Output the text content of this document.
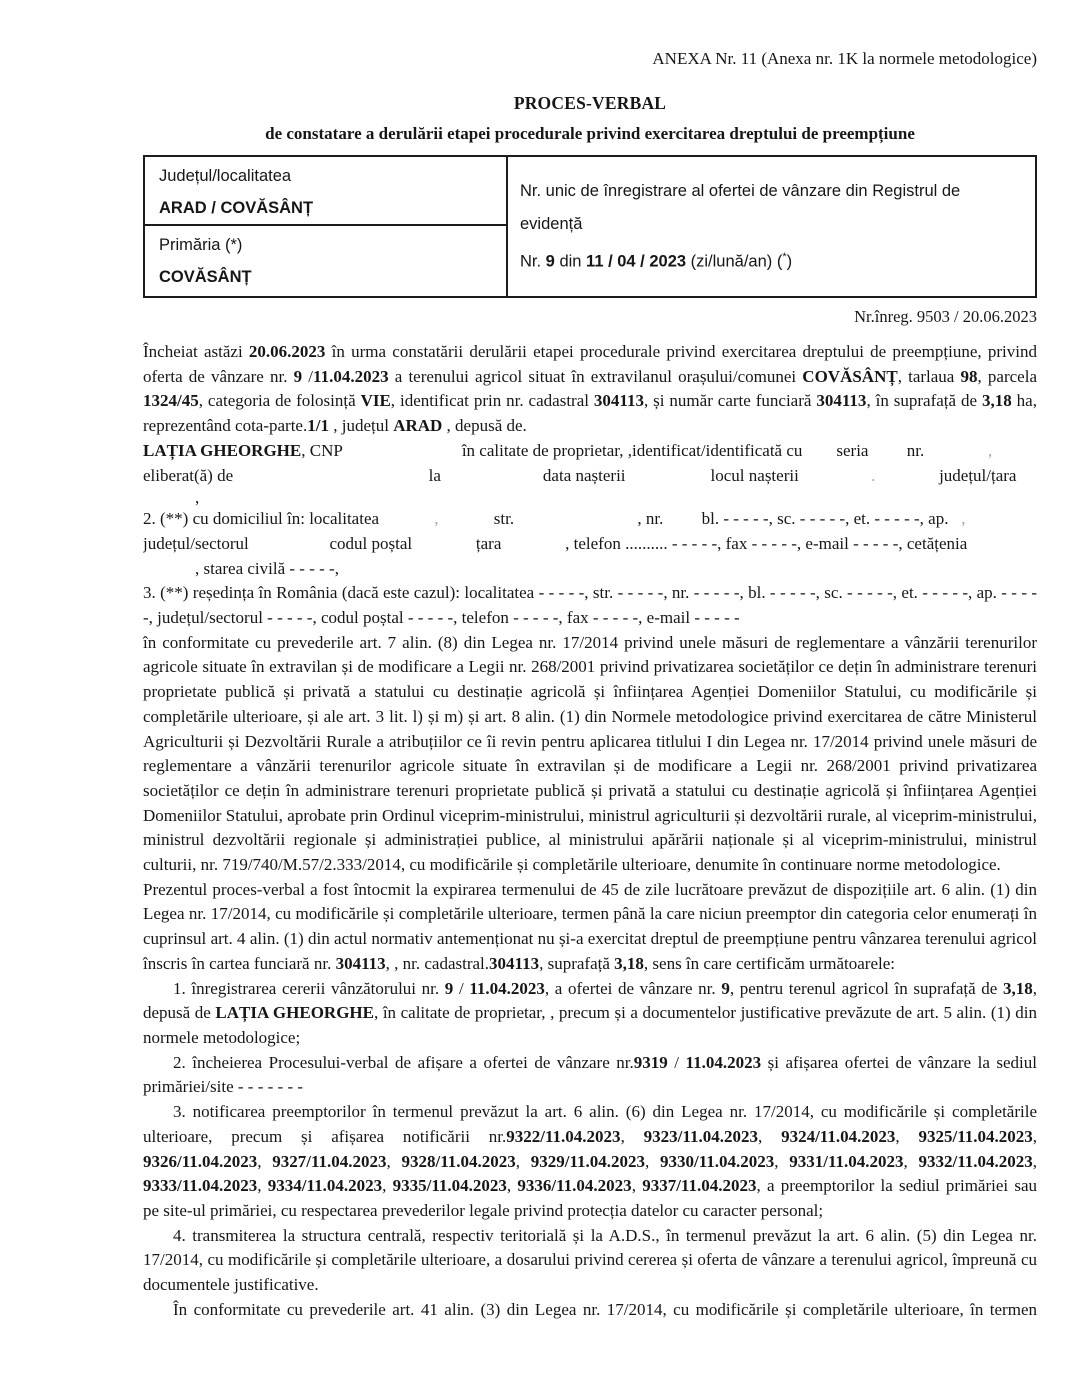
ANEXA Nr. 11 (Anexa nr. 1K la normele metodologice)
PROCES-VERBAL
de constatare a derulării etapei procedurale privind exercitarea dreptului de preempțiune
Județul/localitatea
ARAD / COVĂSÂNȚ

Nr. unic de înregistrare al ofertei de vânzare din Registrul de evidență
Nr. 9 din 11 / 04 / 2023 (zi/lună/an) (*)

Primăria (*)
COVĂSÂNȚ
Nr.înreg. 9503 / 20.06.2023
Încheiat astăzi 20.06.2023 în urma constatării derulării etapei procedurale privind exercitarea dreptului de preempțiune, privind oferta de vânzare nr. 9 /11.04.2023 a terenului agricol situat în extravilanul orașului/comunei COVĂSÂNȚ, tarlaua 98, parcela 1324/45, categoria de folosință VIE, identificat prin nr. cadastral 304113, și număr carte funciară 304113, în suprafață de 3,18 ha, reprezentând cota-parte.1/1 , județul ARAD , depusă de.
LAȚIA GHEORGHE, CNP	în calitate de proprietar, ,identificat/identificată cu seria nr.	,
eliberat(ă) de	la	data nașterii	locul nașterii	.	județul/țara
,
2. (**) cu domiciliul în: localitatea	,	str.	, nr. bl. - - - - -, sc. - - - - -, et. - - - - -, ap. ,
județul/sectorul	codul poștal	țara	, telefon .......... - - - - -, fax - - - - -, e-mail - - - - -, cetățenia
, starea civilă - - - - -,
3. (**) reședința în România (dacă este cazul): localitatea - - - - -, str. - - - - -, nr. - - - - -, bl. - - - - -, sc. - - - - -, et. - - - - -, ap. - - - - -, județul/sectorul - - - - -, codul poștal - - - - -, telefon - - - - -, fax - - - - -, e-mail - - - - -
în conformitate cu prevederile art. 7 alin. (8) din Legea nr. 17/2014 privind unele măsuri de reglementare a vânzării terenurilor agricole situate în extravilan și de modificare a Legii nr. 268/2001 privind privatizarea societăților ce dețin în administrare terenuri proprietate publică și privată a statului cu destinație agricolă și înființarea Agenției Domeniilor Statului, cu modificările și completările ulterioare, și ale art. 3 lit. l) și m) și art. 8 alin. (1) din Normele metodologice privind exercitarea de către Ministerul Agriculturii și Dezvoltării Rurale a atribuțiilor ce îi revin pentru aplicarea titlului I din Legea nr. 17/2014 privind unele măsuri de reglementare a vânzării terenurilor agricole situate în extravilan și de modificare a Legii nr. 268/2001 privind privatizarea societăților ce dețin în administrare terenuri proprietate publică și privată a statului cu destinație agricolă și înființarea Agenției Domeniilor Statului, aprobate prin Ordinul viceprim-ministrului, ministrul agriculturii și dezvoltării rurale, al viceprim-ministrului, ministrul dezvoltării regionale și administrației publice, al ministrului apărării naționale și al viceprim-ministrului, ministrul culturii, nr. 719/740/M.57/2.333/2014, cu modificările și completările ulterioare, denumite în continuare norme metodologice.
Prezentul proces-verbal a fost întocmit la expirarea termenului de 45 de zile lucrătoare prevăzut de dispozițiile art. 6 alin. (1) din Legea nr. 17/2014, cu modificările și completările ulterioare, termen până la care niciun preemptor din categoria celor enumerați în cuprinsul art. 4 alin. (1) din actul normativ antemenționat nu și-a exercitat dreptul de preempțiune pentru vânzarea terenului agricol înscris în cartea funciară nr. 304113, , nr. cadastral.304113, suprafață 3,18, sens în care certificăm următoarele:
1. înregistrarea cererii vânzătorului nr. 9 / 11.04.2023, a ofertei de vânzare nr. 9, pentru terenul agricol în suprafață de 3,18, depusă de LAȚIA GHEORGHE, în calitate de proprietar, , precum și a documentelor justificative prevăzute de art. 5 alin. (1) din normele metodologice;
2. încheierea Procesului-verbal de afișare a ofertei de vânzare nr.9319 / 11.04.2023 și afișarea ofertei de vânzare la sediul primăriei/site - - - - - - -
3. notificarea preemptorilor în termenul prevăzut la art. 6 alin. (6) din Legea nr. 17/2014, cu modificările și completările ulterioare, precum și afișarea notificării nr.9322/11.04.2023, 9323/11.04.2023, 9324/11.04.2023, 9325/11.04.2023, 9326/11.04.2023, 9327/11.04.2023, 9328/11.04.2023, 9329/11.04.2023, 9330/11.04.2023, 9331/11.04.2023, 9332/11.04.2023, 9333/11.04.2023, 9334/11.04.2023, 9335/11.04.2023, 9336/11.04.2023, 9337/11.04.2023, a preemptorilor la sediul primăriei sau pe site-ul primăriei, cu respectarea prevederilor legale privind protecția datelor cu caracter personal;
4. transmiterea la structura centrală, respectiv teritorială și la A.D.S., în termenul prevăzut la art. 6 alin. (5) din Legea nr. 17/2014, cu modificările și completările ulterioare, a dosarului privind cererea și oferta de vânzare a terenului agricol, împreună cu documentele justificative.
În conformitate cu prevederile art. 41 alin. (3) din Legea nr. 17/2014, cu modificările și completările ulterioare, în termen
